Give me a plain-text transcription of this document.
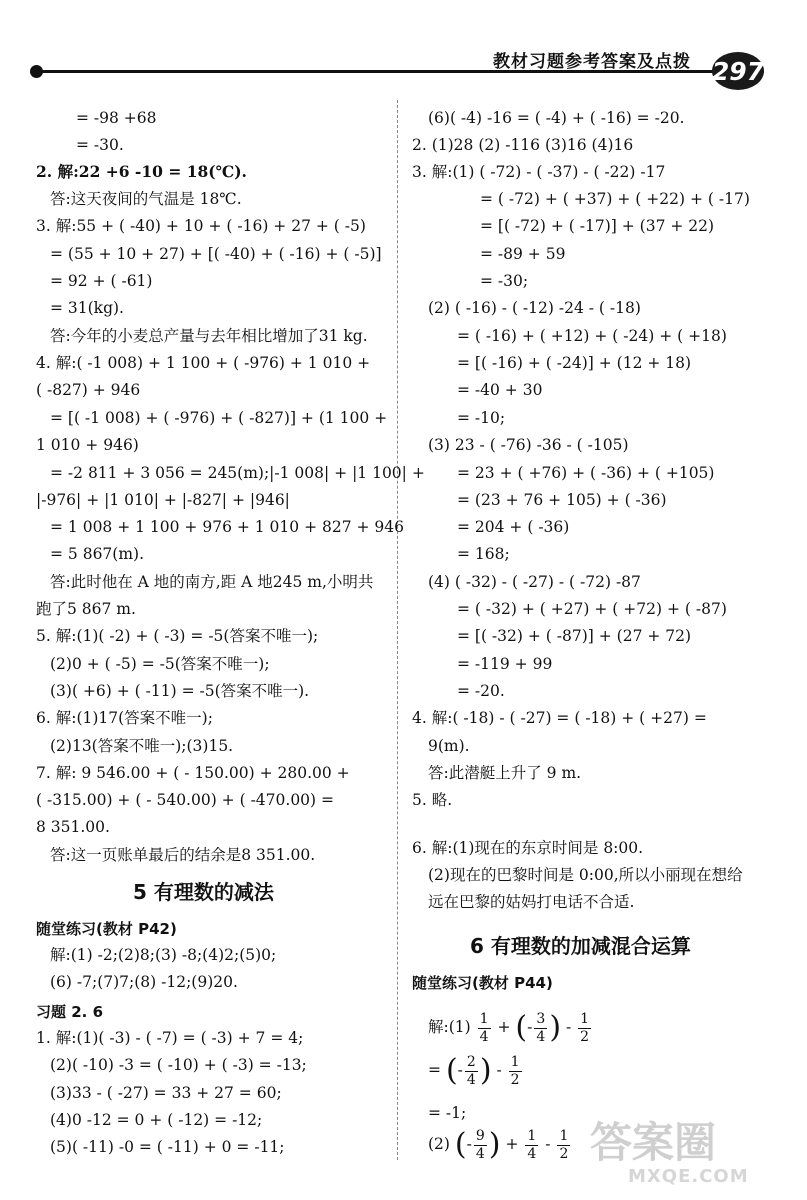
教材习题参考答案及点拨 297
= -98 +68
= -30.
2. 解:22 +6 -10 = 18(℃).
答:这天夜间的气温是 18℃.
3. 解:55 + ( -40) + 10 + ( -16) + 27 + ( -5)
= (55 + 10 + 27) + [( -40) + ( -16) + ( -5)]
= 92 + ( -61)
= 31(kg).
答:今年的小麦总产量与去年相比增加了31 kg.
4. 解:( -1 008) + 1 100 + ( -976) + 1 010 +
( -827) + 946
= [( -1 008) + ( -976) + ( -827)] + (1 100 +
1 010 + 946)
= -2 811 + 3 056 = 245(m);|-1 008| + |1 100| +
|-976| + |1 010| + |-827| + |946|
= 1 008 + 1 100 + 976 + 1 010 + 827 + 946
= 5 867(m).
答:此时他在 A 地的南方,距 A 地245 m,小明共
跑了5 867 m.
5. 解:(1)( -2) + ( -3) = -5(答案不唯一);
(2)0 + ( -5) = -5(答案不唯一);
(3)( +6) + ( -11) = -5(答案不唯一).
6. 解:(1)17(答案不唯一);
(2)13(答案不唯一);(3)15.
7. 解: 9 546.00 + ( - 150.00) + 280.00 +
( -315.00) + ( - 540.00) + ( -470.00) =
8 351.00.
答:这一页账单最后的结余是8 351.00.
5 有理数的减法
随堂练习(教材 P42)
解:(1) -2;(2)8;(3) -8;(4)2;(5)0;
(6) -7;(7)7;(8) -12;(9)20.
习题 2. 6
1. 解:(1)( -3) - ( -7) = ( -3) + 7 = 4;
(2)( -10) -3 = ( -10) + ( -3) = -13;
(3)33 - ( -27) = 33 + 27 = 60;
(4)0 -12 = 0 + ( -12) = -12;
(5)( -11) -0 = ( -11) + 0 = -11;
(6)( -4) -16 = ( -4) + ( -16) = -20.
2. (1)28 (2) -116 (3)16 (4)16
3. 解:(1) ( -72) - ( -37) - ( -22) -17
= ( -72) + ( +37) + ( +22) + ( -17)
= [( -72) + ( -17)] + (37 + 22)
= -89 + 59
= -30;
(2) ( -16) - ( -12) -24 - ( -18)
= ( -16) + ( +12) + ( -24) + ( +18)
= [( -16) + ( -24)] + (12 + 18)
= -40 + 30
= -10;
(3) 23 - ( -76) -36 - ( -105)
= 23 + ( +76) + ( -36) + ( +105)
= (23 + 76 + 105) + ( -36)
= 204 + ( -36)
= 168;
(4) ( -32) - ( -27) - ( -72) -87
= ( -32) + ( +27) + ( +72) + ( -87)
= [( -32) + ( -87)] + (27 + 72)
= -119 + 99
= -20.
4. 解:( -18) - ( -27) = ( -18) + ( +27) =
9(m).
答:此潜艇上升了 9 m.
5. 略.
6. 解:(1)现在的东京时间是 8:00.
(2)现在的巴黎时间是 0:00,所以小丽现在想给
远在巴黎的姑妈打电话不合适.
6 有理数的加减混合运算
随堂练习(教材 P44)
解:(1) $\frac{1}{4}$ + (- $\frac{3}{4}$ ) - $\frac{1}{2}$
= (- $\frac{2}{4}$ ) - $\frac{1}{2}$
= -1;
(2) (- $\frac{9}{4}$ ) + $\frac{1}{4} - \frac{1}{2}$ 答案圈
MXQE.COM
